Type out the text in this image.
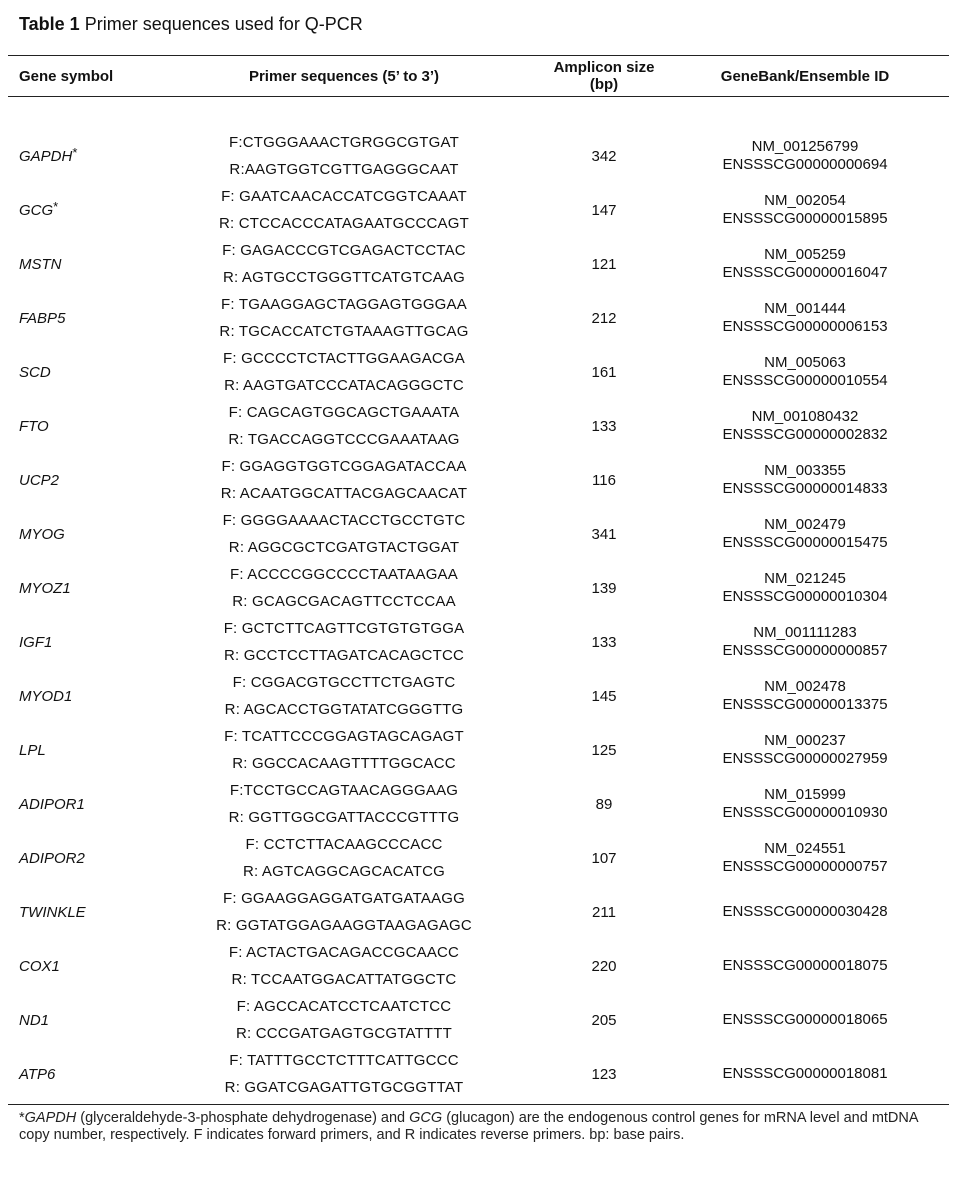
Table 1 Primer sequences used for Q-PCR
Gene symbol	Primer sequences (5’ to 3’)	Amplicon size
(bp)	GeneBank/Ensemble ID
GAPDH*	F:CTGGGAAACTGRGGCGTGAT
R:AAGTGGTCGTTGAGGGCAAT	342	NM_001256799
ENSSSCG00000000694

GCG*	F: GAATCAACACCATCGGTCAAAT
R: CTCCACCCATAGAATGCCCAGT	147	NM_002054
ENSSSCG00000015895

MSTN	F: GAGACCCGTCGAGACTCCTAC
R: AGTGCCTGGGTTCATGTCAAG	121	NM_005259
ENSSSCG00000016047

FABP5	F: TGAAGGAGCTAGGAGTGGGAA
R: TGCACCATCTGTAAAGTTGCAG	212	NM_001444
ENSSSCG00000006153

SCD	F: GCCCCTCTACTTGGAAGACGA
R: AAGTGATCCCATACAGGGCTC	161	NM_005063
ENSSSCG00000010554

FTO	F: CAGCAGTGGCAGCTGAAATA
R: TGACCAGGTCCCGAAATAAG	133	NM_001080432
ENSSSCG00000002832

UCP2	F: GGAGGTGGTCGGAGATACCAA
R: ACAATGGCATTACGAGCAACAT	116	NM_003355
ENSSSCG00000014833

MYOG	F: GGGGAAAACTACCTGCCTGTC
R: AGGCGCTCGATGTACTGGAT	341	NM_002479
ENSSSCG00000015475

MYOZ1	F: ACCCCGGCCCCTAATAAGAA
R: GCAGCGACAGTTCCTCCAA	139	NM_021245
ENSSSCG00000010304

IGF1	F: GCTCTTCAGTTCGTGTGTGGA
R: GCCTCCTTAGATCACAGCTCC	133	NM_001111283
ENSSSCG00000000857

MYOD1	F: CGGACGTGCCTTCTGAGTC
R: AGCACCTGGTATATCGGGTTG	145	NM_002478
ENSSSCG00000013375

LPL	F: TCATTCCCGGAGTAGCAGAGT
R: GGCCACAAGTTTTGGCACC	125	NM_000237
ENSSSCG00000027959

ADIPOR1	F:TCCTGCCAGTAACAGGGAAG
R: GGTTGGCGATTACCCGTTTG	89	NM_015999
ENSSSCG00000010930

ADIPOR2	F: CCTCTTACAAGCCCACC
R: AGTCAGGCAGCACATCG	107	NM_024551
ENSSSCG00000000757

TWINKLE	F: GGAAGGAGGATGATGATAAGG
R: GGTATGGAGAAGGTAAGAGAGC	211	ENSSSCG00000030428

COX1	F: ACTACTGACAGACCGCAACC
R: TCCAATGGACATTATGGCTC	220	ENSSSCG00000018075

ND1	F: AGCCACATCCTCAATCTCC
R: CCCGATGAGTGCGTATTTT	205	ENSSSCG00000018065

ATP6	F: TATTTGCCTCTTTCATTGCCC
R: GGATCGAGATTGTGCGGTTAT	123	ENSSSCG00000018081
*GAPDH (glyceraldehyde-3-phosphate dehydrogenase) and GCG (glucagon) are the endogenous control genes for mRNA level and mtDNA copy number, respectively. F indicates forward primers, and R indicates reverse primers. bp: base pairs.
